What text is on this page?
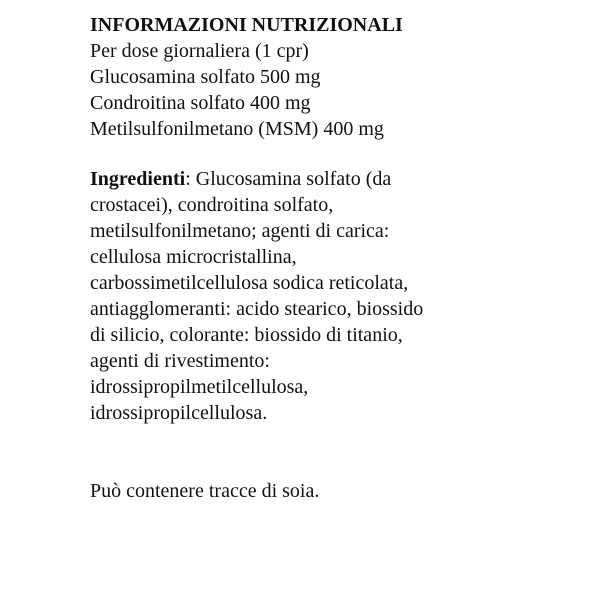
INFORMAZIONI NUTRIZIONALI
Per dose giornaliera (1 cpr)
Glucosamina solfato 500 mg
Condroitina solfato 400 mg
Metilsulfonilmetano (MSM) 400 mg
Ingredienti: Glucosamina solfato (da
crostacei), condroitina solfato,
metilsulfonilmetano; agenti di carica:
cellulosa microcristallina,
carbossimetilcellulosa sodica reticolata,
antiagglomeranti: acido stearico, biossido
di silicio, colorante: biossido di titanio,
agenti di rivestimento:
idrossipropilmetilcellulosa,
idrossipropilcellulosa.
Può contenere tracce di soia.
